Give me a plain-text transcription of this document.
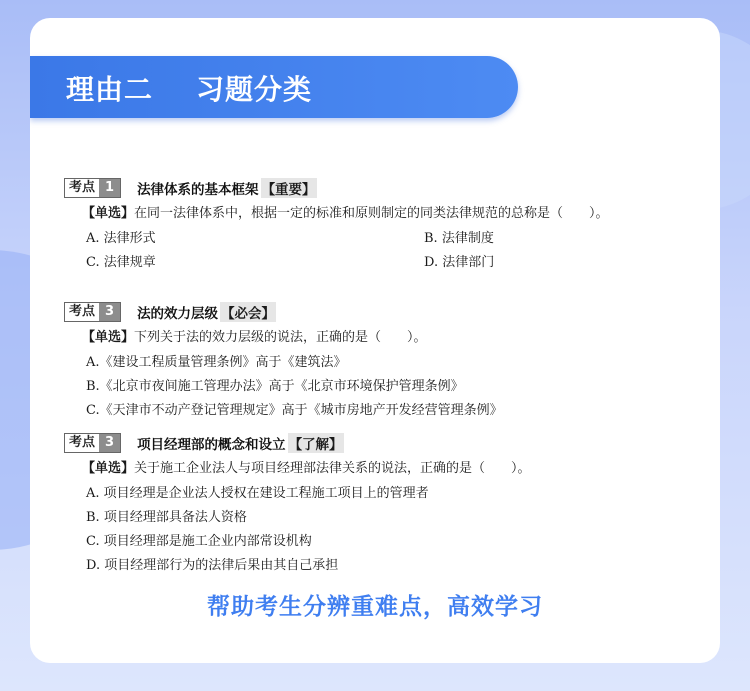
理由二    习题分类
考点 1	法律体系的基本框架 【重要】
【单选】在同一法律体系中，根据一定的标准和原则制定的同类法律规范的总称是（　　）。
A. 法律形式	B. 法律制度
C. 法律规章	D. 法律部门
考点 3	法的效力层级 【必会】
【单选】下列关于法的效力层级的说法，正确的是（　　）。
A.《建设工程质量管理条例》高于《建筑法》
B.《北京市夜间施工管理办法》高于《北京市环境保护管理条例》
C.《天津市不动产登记管理规定》高于《城市房地产开发经营管理条例》
考点 3	项目经理部的概念和设立 【了解】
【单选】关于施工企业法人与项目经理部法律关系的说法，正确的是（　　）。
A. 项目经理是企业法人授权在建设工程施工项目上的管理者
B. 项目经理部具备法人资格
C. 项目经理部是施工企业内部常设机构
D. 项目经理部行为的法律后果由其自己承担
帮助考生分辨重难点，高效学习
